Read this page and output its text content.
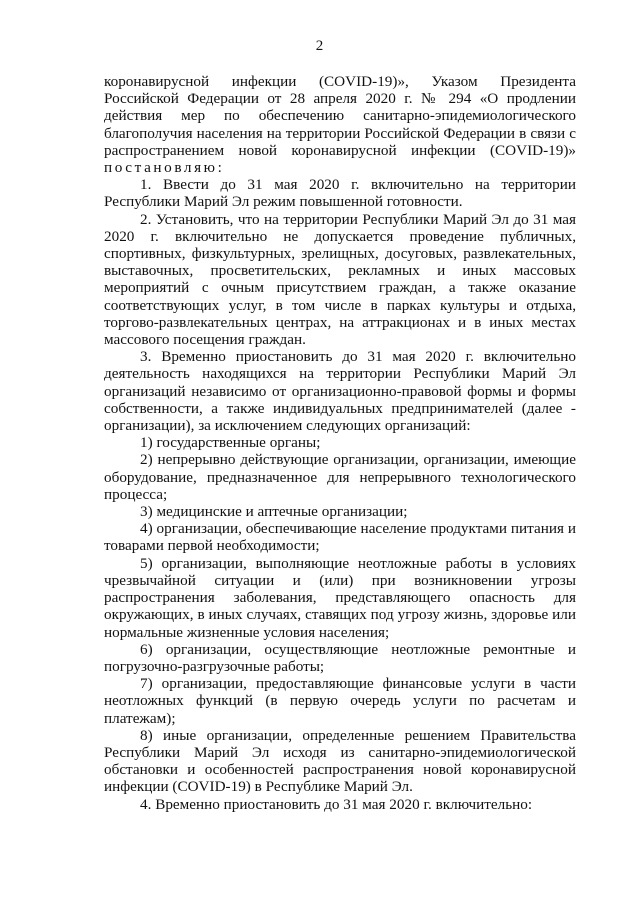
2

коронавирусной инфекции (COVID-19)», Указом Президента Российской Федерации от 28 апреля 2020 г. № 294 «О продлении действия мер по обеспечению санитарно-эпидемиологического благополучия населения на территории Российской Федерации в связи с распространением новой коронавирусной инфекции (COVID-19)» постановляю:

1. Ввести до 31 мая 2020 г. включительно на территории Республики Марий Эл режим повышенной готовности.

2. Установить, что на территории Республики Марий Эл до 31 мая 2020 г. включительно не допускается проведение публичных, спортивных, физкультурных, зрелищных, досуговых, развлекательных, выставочных, просветительских, рекламных и иных массовых мероприятий с очным присутствием граждан, а также оказание соответствующих услуг, в том числе в парках культуры и отдыха, торгово-развлекательных центрах, на аттракционах и в иных местах массового посещения граждан.

3. Временно приостановить до 31 мая 2020 г. включительно деятельность находящихся на территории Республики Марий Эл организаций независимо от организационно-правовой формы и формы собственности, а также индивидуальных предпринимателей (далее - организации), за исключением следующих организаций:

1) государственные органы;

2) непрерывно действующие организации, организации, имеющие оборудование, предназначенное для непрерывного технологического процесса;

3) медицинские и аптечные организации;

4) организации, обеспечивающие население продуктами питания и товарами первой необходимости;

5) организации, выполняющие неотложные работы в условиях чрезвычайной ситуации и (или) при возникновении угрозы распространения заболевания, представляющего опасность для окружающих, в иных случаях, ставящих под угрозу жизнь, здоровье или нормальные жизненные условия населения;

6) организации, осуществляющие неотложные ремонтные и погрузочно-разгрузочные работы;

7) организации, предоставляющие финансовые услуги в части неотложных функций (в первую очередь услуги по расчетам и платежам);

8) иные организации, определенные решением Правительства Республики Марий Эл исходя из санитарно-эпидемиологической обстановки и особенностей распространения новой коронавирусной инфекции (COVID-19) в Республике Марий Эл.

4. Временно приостановить до 31 мая 2020 г. включительно:
